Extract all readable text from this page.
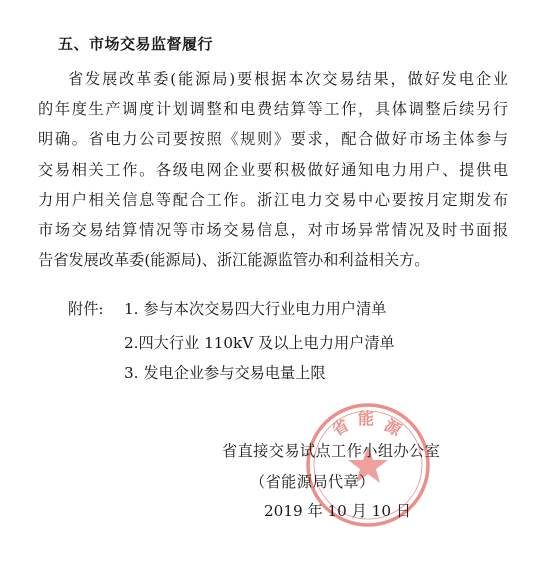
五、市场交易监督履行
省发展改革委(能源局)要根据本次交易结果，做好发电企业
的年度生产调度计划调整和电费结算等工作，具体调整后续另行
明确。省电力公司要按照《规则》要求，配合做好市场主体参与
交易相关工作。各级电网企业要积极做好通知电力用户、提供电
力用户相关信息等配合工作。浙江电力交易中心要按月定期发布
市场交易结算情况等市场交易信息，对市场异常情况及时书面报
告省发展改革委(能源局)、浙江能源监管办和利益相关方。
附件: 1. 参与本次交易四大行业电力用户清单
2.四大行业 110kV 及以上电力用户清单
3. 发电企业参与交易电量上限
省 能 源
省直接交易试点工作小组办公室
（省能源局代章）
2019 年 10 月 10 日
